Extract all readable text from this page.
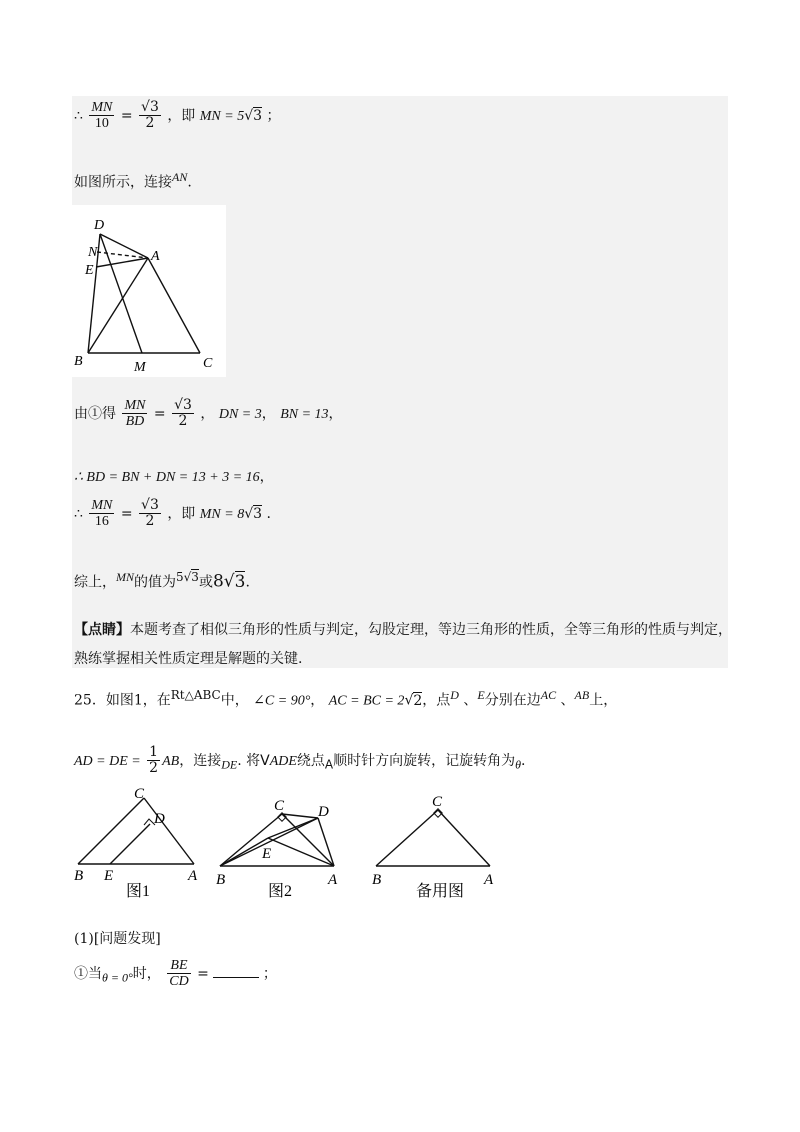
∴ $\frac{MN}{10} = \frac{√3}{2}$ ，即 MN = 5√3 ；
如图所示，连接AN.
D
N
E
A
B	M	C
由①得 $\frac{MN}{BD} = \frac{√3}{2}$ ， DN = 3， BN = 13，
∴ BD = BN + DN = 13 + 3 = 16，
∴ $\frac{MN}{16} = \frac{√3}{2}$ ，即 MN = 8√3 .
综上，MN的值为5√3或8√3.
【点睛】本题考查了相似三角形的性质与判定，勾股定理，等边三角形的性质，全等三角形的性质与判定，
熟练掌握相关性质定理是解题的关键.
25．如图1，在Rt△ABC中， ∠C = 90°， AC = BC = 2√2，点D 、E分别在边AC 、AB上，
AD = DE = $\frac{1}{2}$ AB，连接DE. 将VADE绕点A顺时针方向旋转，记旋转角为θ.
C
D
B E	A
图1
C D
E
B	A
图2
C
B	A
备用图
(1)[问题发现]
①当θ = 0°时， $\frac{BE}{CD}$ =	；
